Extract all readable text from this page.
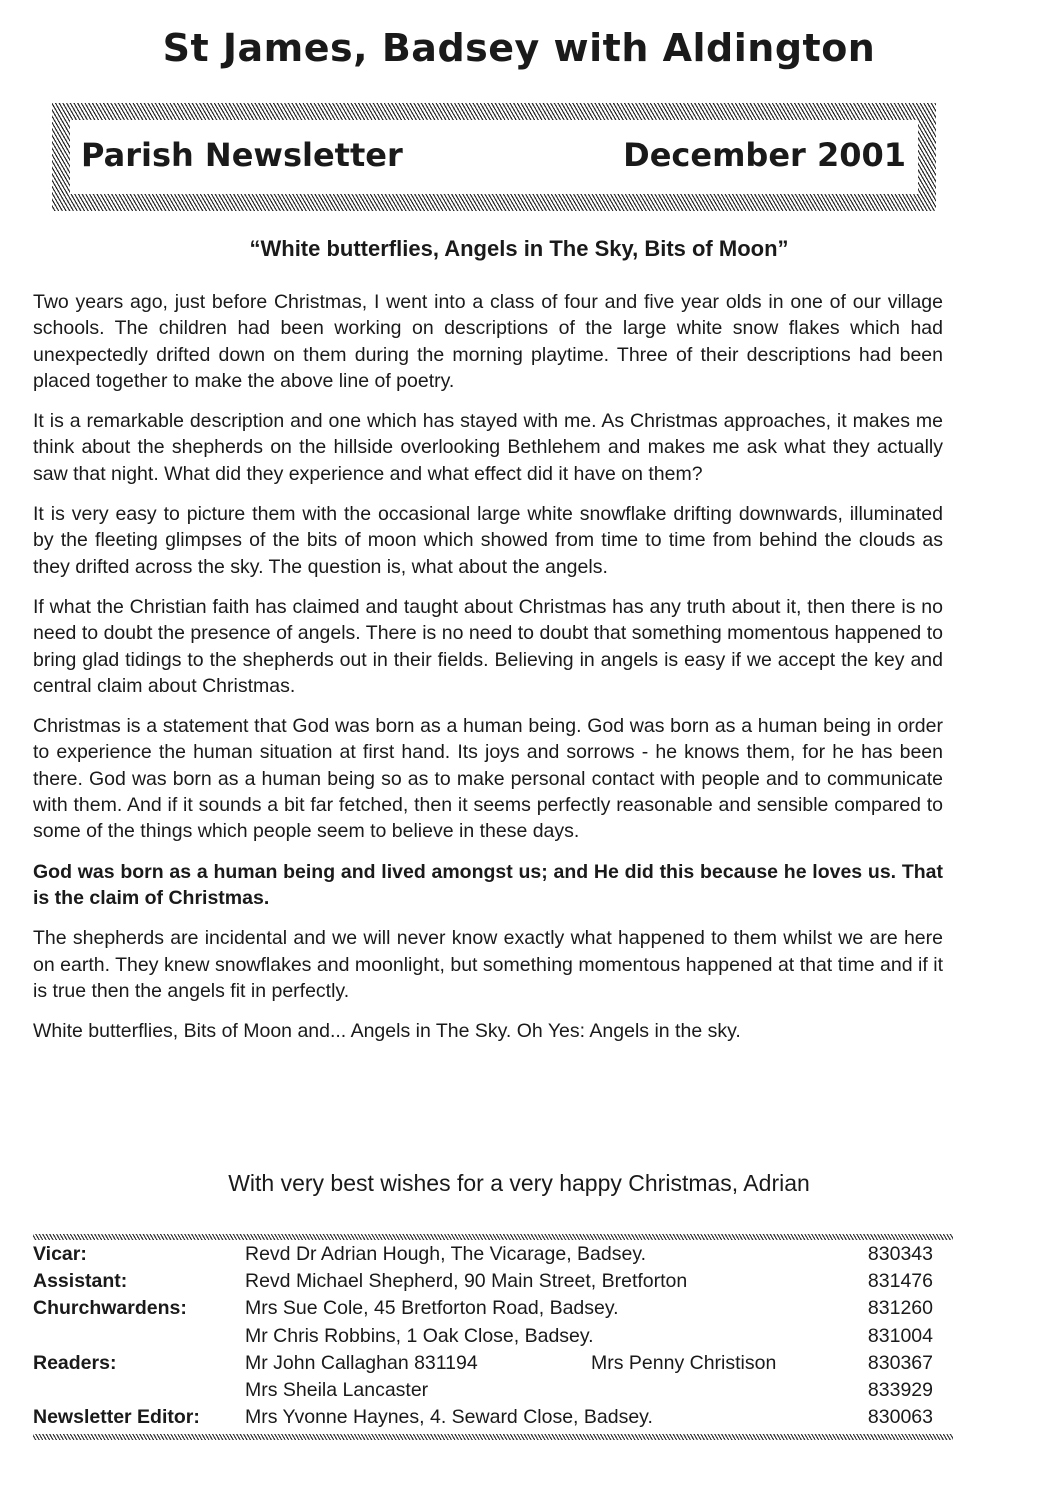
St James, Badsey with Aldington
Parish Newsletter	December 2001
“White butterflies, Angels in The Sky, Bits of Moon”

Two years ago, just before Christmas, I went into a class of four and five year olds in one of our village schools. The children had been working on descriptions of the large white snow flakes which had unexpectedly drifted down on them during the morning playtime. Three of their descriptions had been placed together to make the above line of poetry.

It is a remarkable description and one which has stayed with me. As Christmas approaches, it makes me think about the shepherds on the hillside overlooking Bethlehem and makes me ask what they actually saw that night. What did they experience and what effect did it have on them?

It is very easy to picture them with the occasional large white snowflake drifting downwards, illuminated by the fleeting glimpses of the bits of moon which showed from time to time from behind the clouds as they drifted across the sky. The question is, what about the angels.

If what the Christian faith has claimed and taught about Christmas has any truth about it, then there is no need to doubt the presence of angels. There is no need to doubt that something momentous happened to bring glad tidings to the shepherds out in their fields. Believing in angels is easy if we accept the key and central claim about Christmas.

Christmas is a statement that God was born as a human being. God was born as a human being in order to experience the human situation at first hand. Its joys and sorrows - he knows them, for he has been there. God was born as a human being so as to make personal contact with people and to communicate with them. And if it sounds a bit far fetched, then it seems perfectly reasonable and sensible compared to some of the things which people seem to believe in these days.

God was born as a human being and lived amongst us; and He did this because he loves us. That is the claim of Christmas.

The shepherds are incidental and we will never know exactly what happened to them whilst we are here on earth. They knew snowflakes and moonlight, but something momentous happened at that time and if it is true then the angels fit in perfectly.

White butterflies, Bits of Moon and... Angels in The Sky. Oh Yes: Angels in the sky.

With very best wishes for a very happy Christmas, Adrian
Vicar:	Revd Dr Adrian Hough, The Vicarage, Badsey.	830343
Assistant:	Revd Michael Shepherd, 90 Main Street, Bretforton	831476
Churchwardens:	Mrs Sue Cole, 45 Bretforton Road, Badsey.	831260
Mr Chris Robbins, 1 Oak Close, Badsey.	831004
Readers:	Mr John Callaghan 831194	Mrs Penny Christison	830367
Mrs Sheila Lancaster	833929
Newsletter Editor: Mrs Yvonne Haynes, 4. Seward Close, Badsey.	830063
